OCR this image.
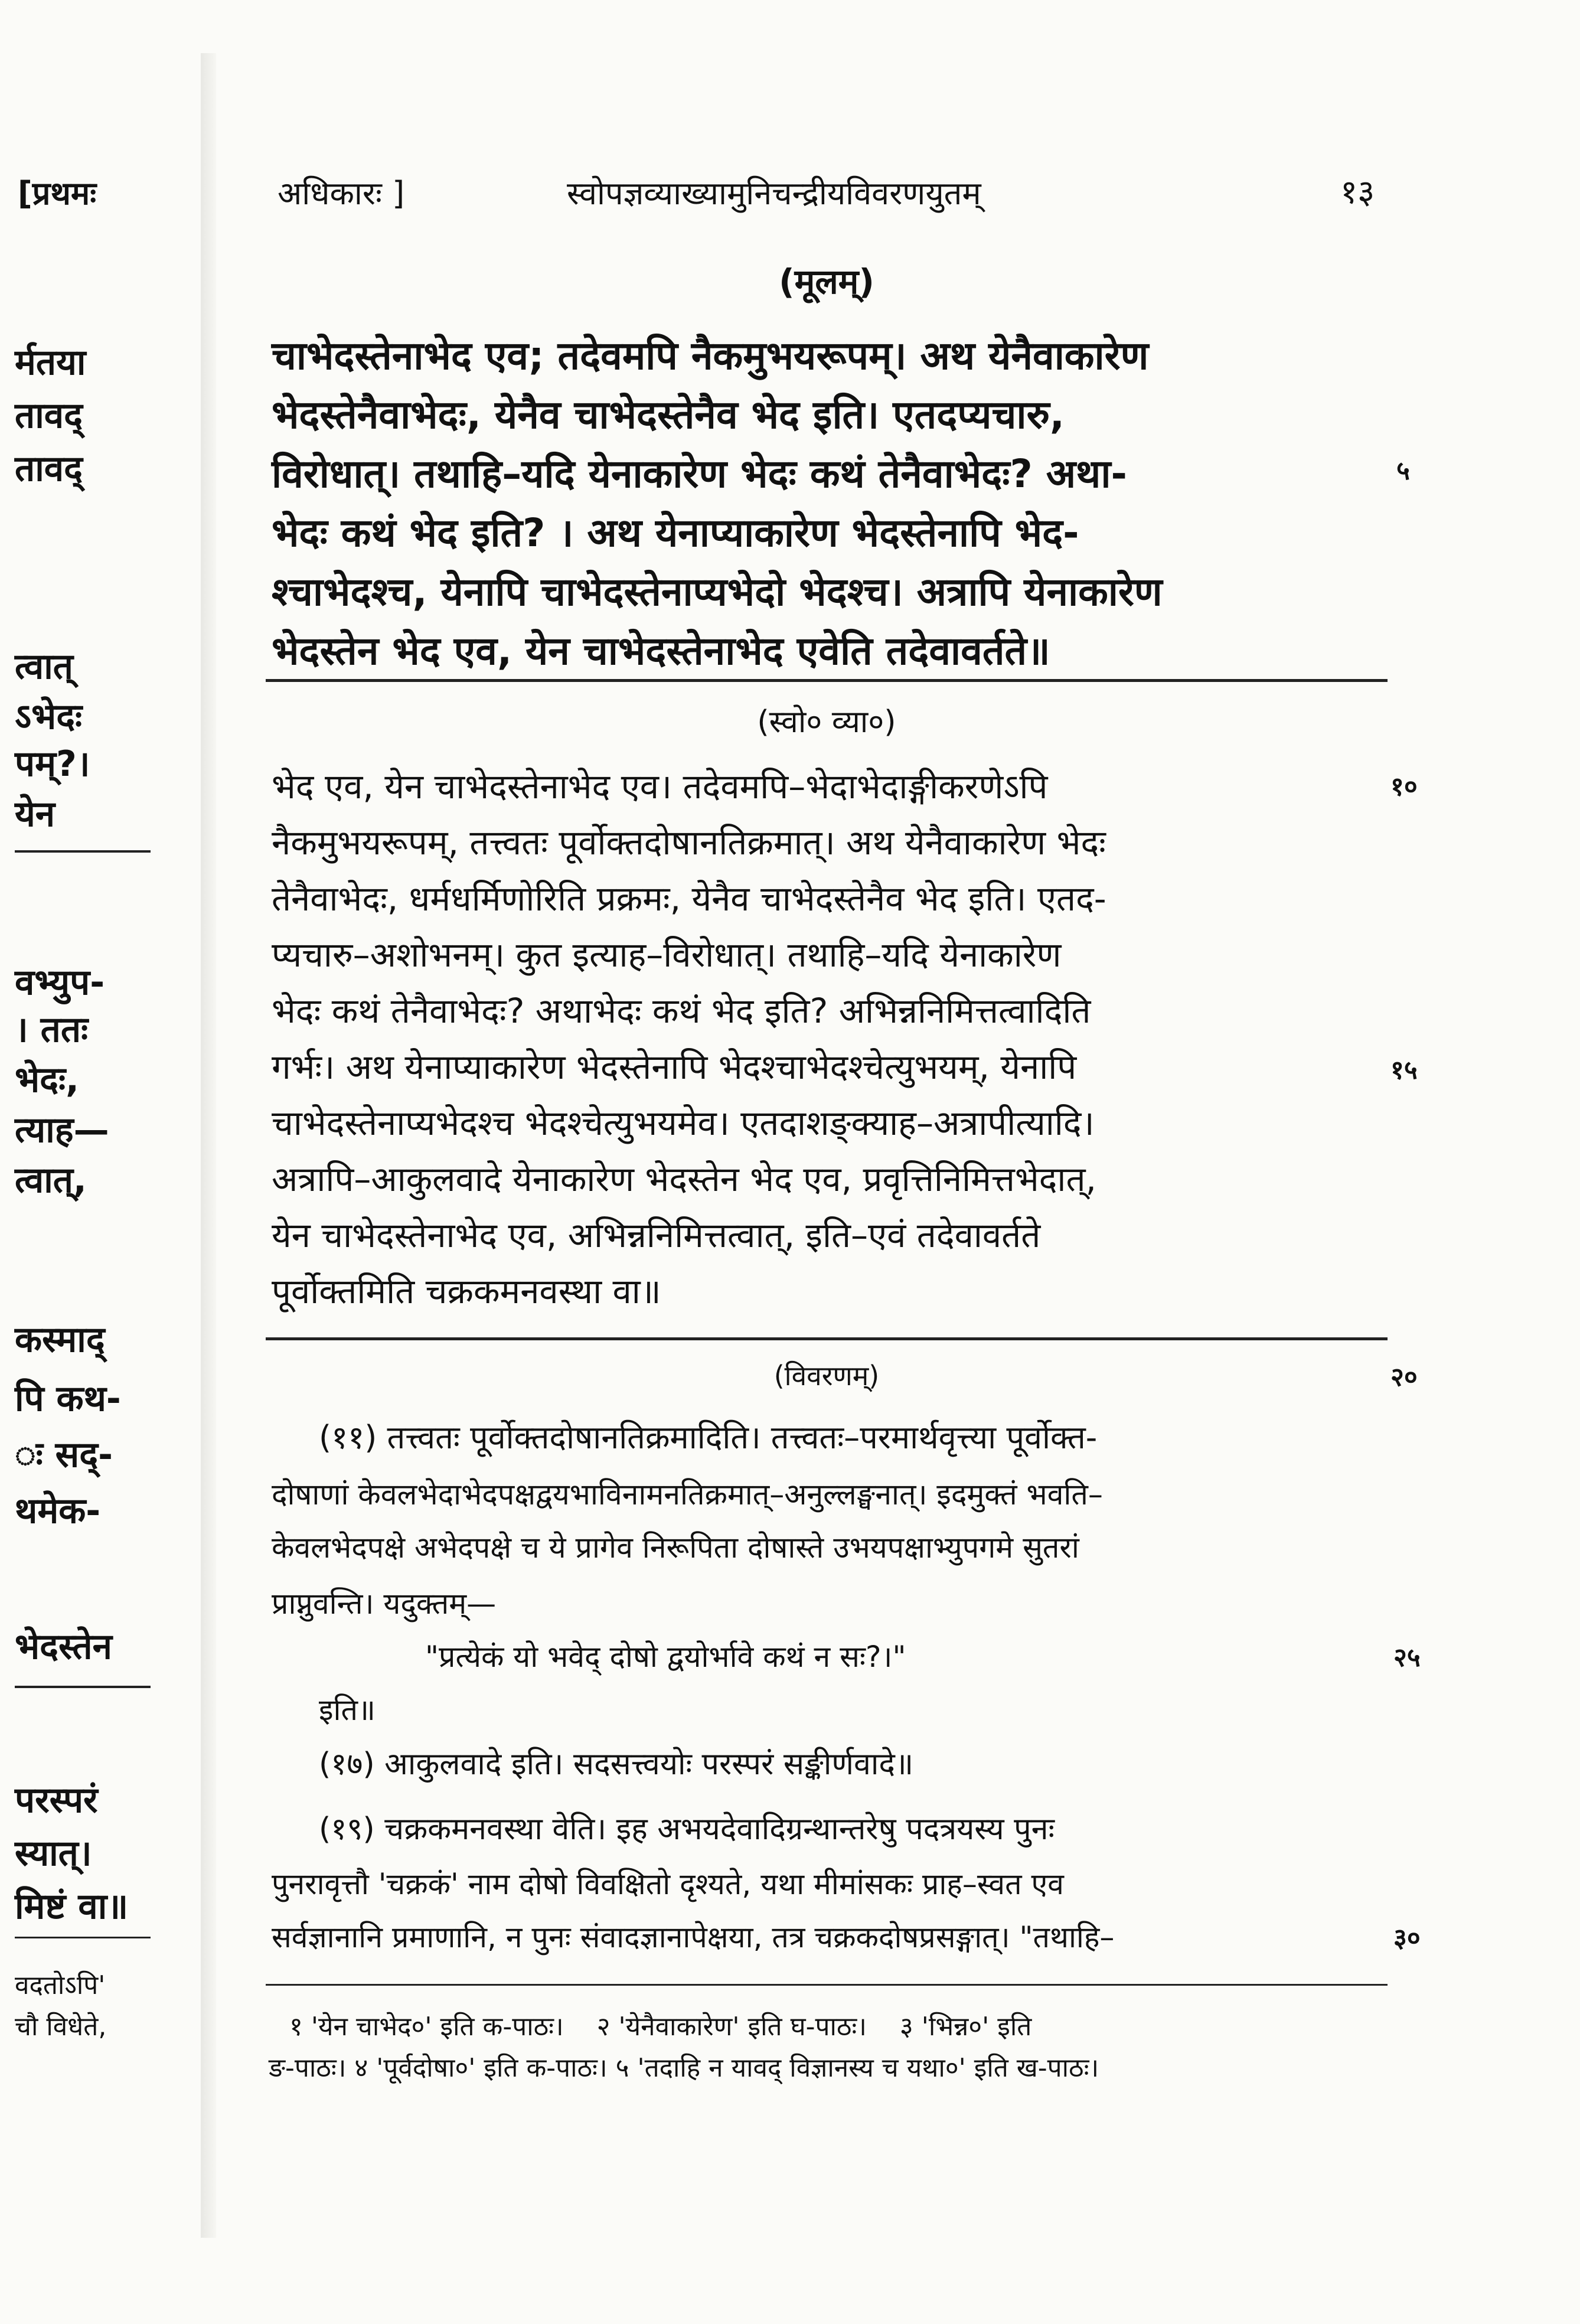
[प्रथमः	अधिकारः ]	स्वोपज्ञव्याख्यामुनिचन्द्रीयविवरणयुतम्	१३
र्मतया
तावद्
तावद्
त्वात्
ऽभेदः
पम्?।
येन
वभ्युप-
। ततः
भेदः,
त्याह—
त्वात्,
कस्माद्
पि कथ-
ः सद्-
थमेक-
भेदस्तेन
परस्परं
स्यात्।
मिष्टं वा॥
वदतोऽपि'
चौ विधेते,
(मूलम्)
चाभेदस्तेनाभेद एव; तदेवमपि नैकमुभयरूपम्। अथ येनैवाकारेण
भेदस्तेनैवाभेदः, येनैव चाभेदस्तेनैव भेद इति। एतदप्यचारु,
विरोधात्। तथाहि–यदि येनाकारेण भेदः कथं तेनैवाभेदः? अथा-
भेदः कथं भेद इति? । अथ येनाप्याकारेण भेदस्तेनापि भेद-
श्चाभेदश्च, येनापि चाभेदस्तेनाप्यभेदो भेदश्च। अत्रापि येनाकारेण
भेदस्तेन भेद एव, येन चाभेदस्तेनाभेद एवेति तदेवावर्तते॥
५
(स्वो० व्या०)
भेद एव, येन चाभेदस्तेनाभेद एव। तदेवमपि–भेदाभेदाङ्गीकरणेऽपि
नैकमुभयरूपम्, तत्त्वतः पूर्वोक्तदोषानतिक्रमात्। अथ येनैवाकारेण भेदः
तेनैवाभेदः, धर्मधर्मिणोरिति प्रक्रमः, येनैव चाभेदस्तेनैव भेद इति। एतद-
प्यचारु–अशोभनम्। कुत इत्याह–विरोधात्। तथाहि–यदि येनाकारेण
भेदः कथं तेनैवाभेदः? अथाभेदः कथं भेद इति? अभिन्ननिमित्तत्वादिति
गर्भः। अथ येनाप्याकारेण भेदस्तेनापि भेदश्चाभेदश्चेत्युभयम्, येनापि
चाभेदस्तेनाप्यभेदश्च भेदश्चेत्युभयमेव। एतदाशङ्क्याह–अत्रापीत्यादि।
अत्रापि–आकुलवादे येनाकारेण भेदस्तेन भेद एव, प्रवृत्तिनिमित्तभेदात्,
येन चाभेदस्तेनाभेद एव, अभिन्ननिमित्तत्वात्, इति–एवं तदेवावर्तते
पूर्वोक्तमिति चक्रकमनवस्था वा॥
१०
१५
(विवरणम्)	२०
(११) तत्त्वतः पूर्वोक्तदोषानतिक्रमादिति। तत्त्वतः–परमार्थवृत्त्या पूर्वोक्त-
दोषाणां केवलभेदाभेदपक्षद्वयभाविनामनतिक्रमात्–अनुल्लङ्घनात्। इदमुक्तं भवति–
केवलभेदपक्षे अभेदपक्षे च ये प्रागेव निरूपिता दोषास्ते उभयपक्षाभ्युपगमे सुतरां
प्राप्नुवन्ति। यदुक्तम्—
"प्रत्येकं यो भवेद् दोषो द्वयोर्भावे कथं न सः?।"	२५
इति॥
(१७) आकुलवादे इति। सदसत्त्वयोः परस्परं सङ्कीर्णवादे॥
(१९) चक्रकमनवस्था वेति। इह अभयदेवादिग्रन्थान्तरेषु पदत्रयस्य पुनः
पुनरावृत्तौ 'चक्रकं' नाम दोषो विवक्षितो दृश्यते, यथा मीमांसकः प्राह–स्वत एव
सर्वज्ञानानि प्रमाणानि, न पुनः संवादज्ञानापेक्षया, तत्र चक्रकदोषप्रसङ्गात्। "तथाहि–	३०
१ 'येन चाभेद०' इति क-पाठः।    २ 'येनैवाकारेण' इति घ-पाठः।    ३ 'भिन्न०' इति
ङ-पाठः। ४ 'पूर्वदोषा०' इति क-पाठः। ५ 'तदाहि न यावद् विज्ञानस्य च यथा०' इति ख-पाठः।
